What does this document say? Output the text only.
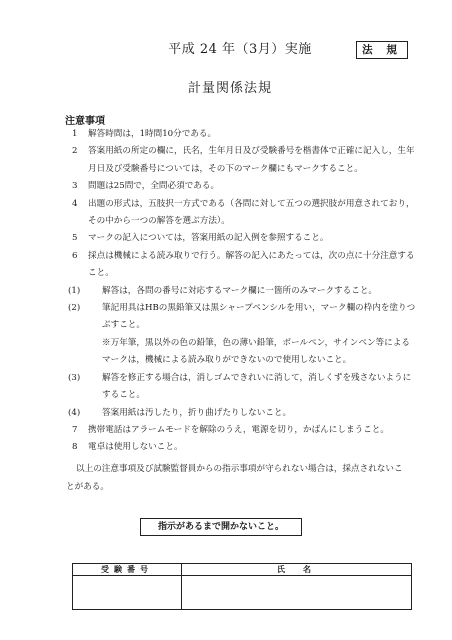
平成 24 年（3月）実施	法 規
計量関係法規
注意事項
1 解答時間は，1時間10分である。
2 答案用紙の所定の欄に，氏名，生年月日及び受験番号を楷書体で正確に記入し，生年月日及び受験番号については，その下のマーク欄にもマークすること。
3 問題は25問で，全問必須である。
4 出題の形式は，五肢択一方式である（各問に対して五つの選択肢が用意されており，その中から一つの解答を選ぶ方法）。
5 マークの記入については，答案用紙の記入例を参照すること。
6 採点は機械による読み取りで行う。解答の記入にあたっては，次の点に十分注意すること。
(1)	解答は，各問の番号に対応するマーク欄に一箇所のみマークすること。
(2)	筆記用具はHBの黒鉛筆又は黒シャープペンシルを用い，マーク欄の枠内を塗りつぶすこと。
※万年筆，黒以外の色の鉛筆，色の薄い鉛筆，ボールペン，サインペン等によるマークは，機械による読み取りができないので使用しないこと。
(3)	解答を修正する場合は，消しゴムできれいに消して，消しくずを残さないようにすること。
(4)	答案用紙は汚したり，折り曲げたりしないこと。
7 携帯電話はアラームモードを解除のうえ，電源を切り，かばんにしまうこと。
8 電卓は使用しないこと。
以上の注意事項及び試験監督員からの指示事項が守られない場合は，採点されないことがある。
指示があるまで開かないこと。
受験番号	氏　名
